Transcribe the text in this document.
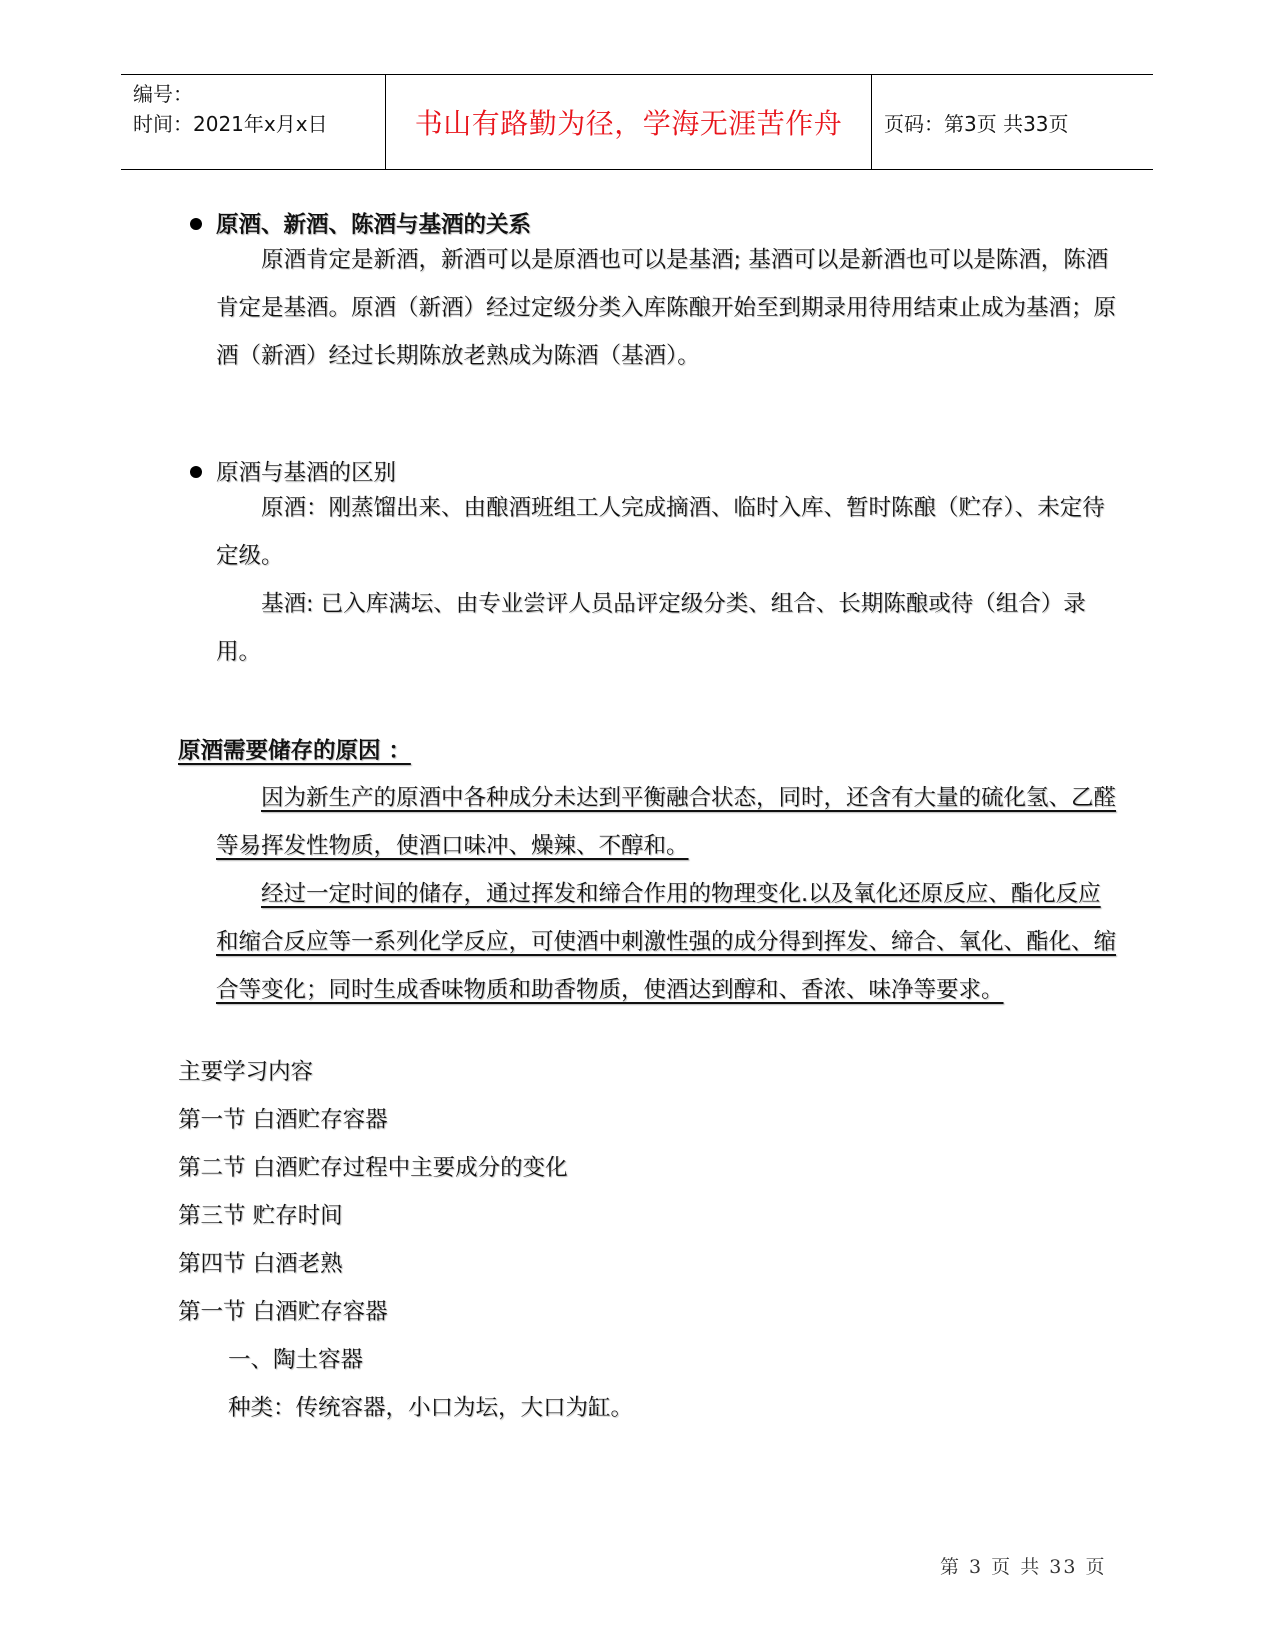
编号：
时间：2021年x月x日	书山有路勤为径，学海无涯苦作舟	页码：第3页 共33页
原酒、新酒、陈酒与基酒的关系
原酒肯定是新酒，新酒可以是原酒也可以是基酒; 基酒可以是新酒也可以是陈酒，陈酒肯定是基酒。原酒（新酒）经过定级分类入库陈酿开始至到期录用待用结束止成为基酒；原酒（新酒）经过长期陈放老熟成为陈酒（基酒）。
原酒与基酒的区别
原酒：刚蒸馏出来、由酿酒班组工人完成摘酒、临时入库、暂时陈酿（贮存）、未定待定级。
基酒: 已入库满坛、由专业尝评人员品评定级分类、组合、长期陈酿或待（组合）录用。
原酒需要储存的原因 ：
因为新生产的原酒中各种成分未达到平衡融合状态，同时，还含有大量的硫化氢、乙醛等易挥发性物质，使酒口味冲、燥辣、不醇和。
经过一定时间的储存，通过挥发和缔合作用的物理变化.以及氧化还原反应、酯化反应和缩合反应等一系列化学反应，可使酒中刺激性强的成分得到挥发、缔合、氧化、酯化、缩合等变化；同时生成香味物质和助香物质，使酒达到醇和、香浓、味净等要求。
主要学习内容
第一节 白酒贮存容器
第二节 白酒贮存过程中主要成分的变化
第三节 贮存时间
第四节 白酒老熟
第一节 白酒贮存容器
一、陶土容器
种类：传统容器，小口为坛，大口为缸。
第 3 页 共 33 页
